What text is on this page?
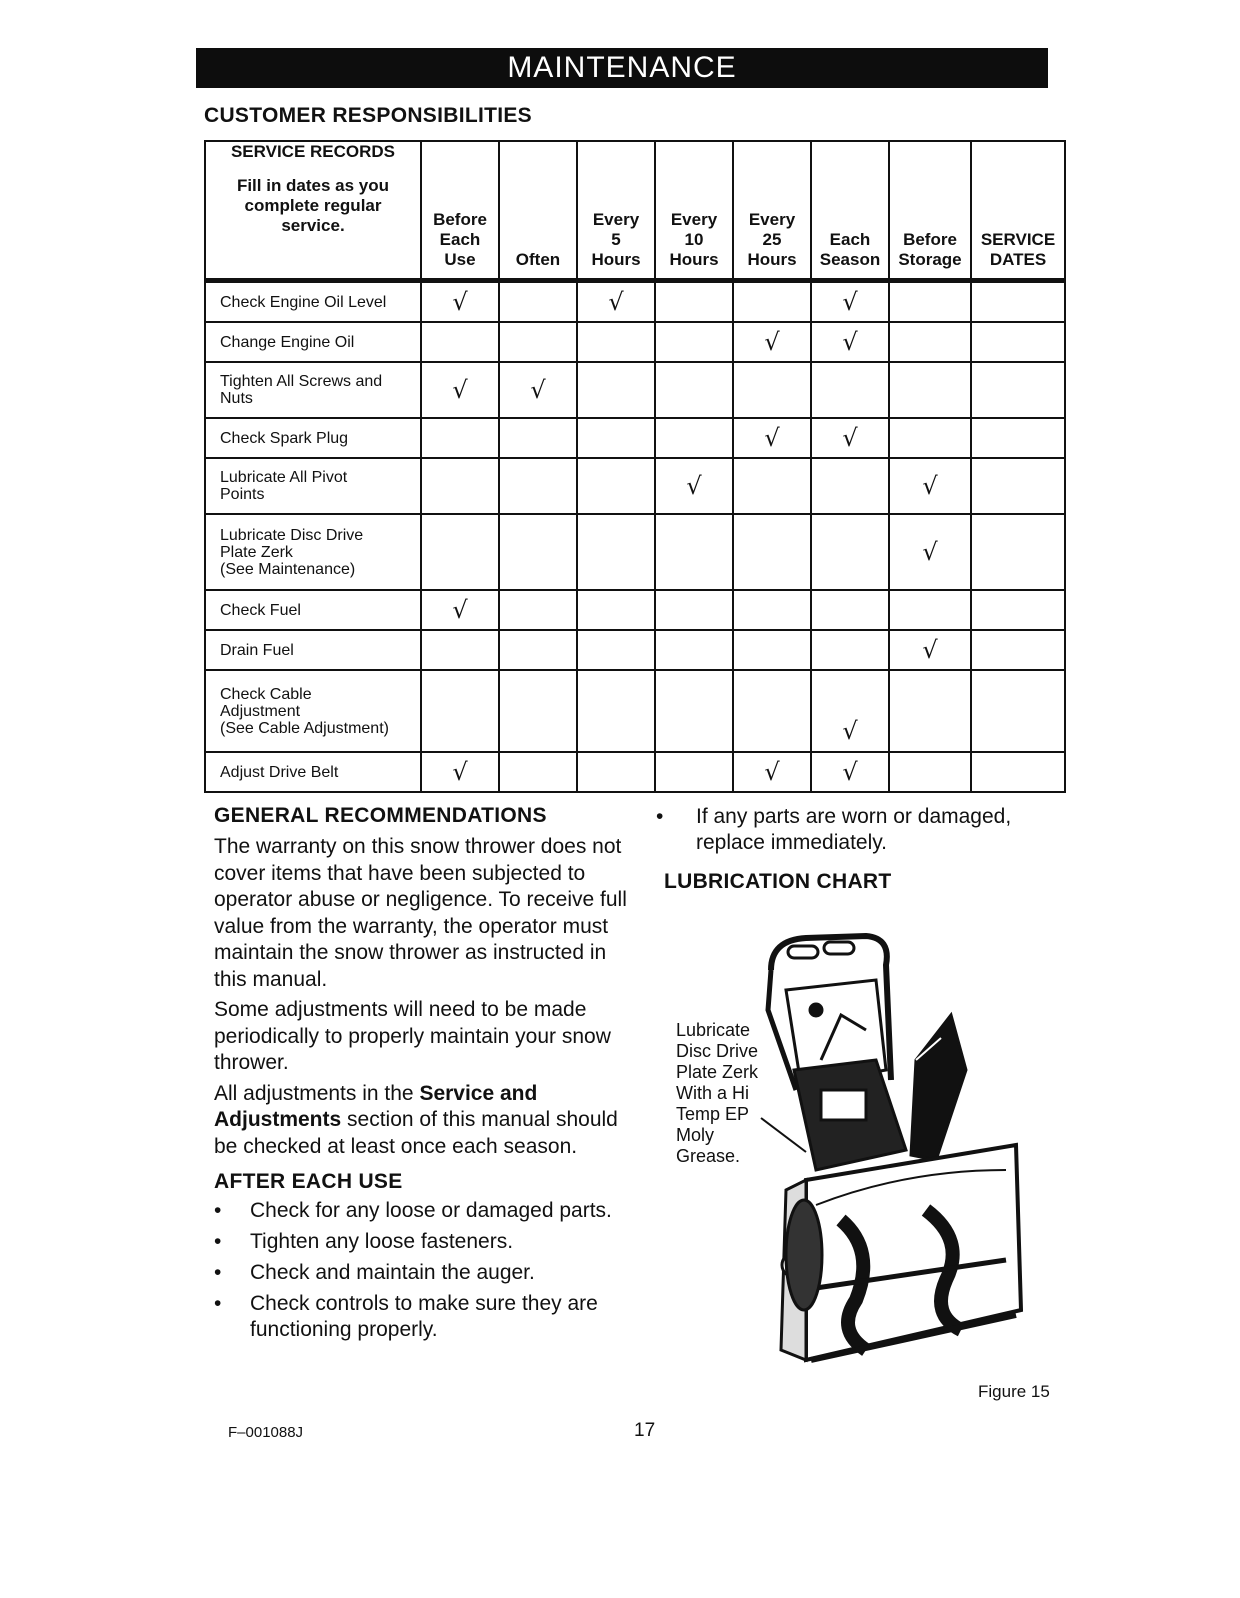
MAINTENANCE
CUSTOMER RESPONSIBILITIES
SERVICE RECORDS
Fill in dates as you
complete regular
service.	Before
Each
Use	Often	Every
5
Hours	Every
10
Hours	Every
25
Hours	Each
Season	Before
Storage	SERVICE
DATES

Check Engine Oil Level	√		√			√		

Change Engine Oil					√	√		

Tighten All Screws and
Nuts	√	√						

Check Spark Plug					√	√		

Lubricate All Pivot
Points				√			√	

Lubricate Disc Drive
Plate Zerk
(See Maintenance)							√	

Check Fuel	√							

Drain Fuel							√	

Check Cable
Adjustment
(See Cable Adjustment)						√		

Adjust Drive Belt	√				√	√		
GENERAL RECOMMENDATIONS

The warranty on this snow thrower does not cover items that have been subjected to operator abuse or negligence. To receive full value from the warranty, the operator must maintain the snow thrower as instructed in this manual.

Some adjustments will need to be made periodically to properly maintain your snow thrower.

All adjustments in the Service and Adjustments section of this manual should be checked at least once each season.

AFTER EACH USE
• Check for any loose or damaged parts.
• Tighten any loose fasteners.
• Check and maintain the auger.
• Check controls to make sure they are functioning properly.
• If any parts are worn or damaged, replace immediately.
LUBRICATION CHART
Lubricate
Disc Drive
Plate Zerk
With a Hi
Temp EP
Moly
Grease.
Figure 15
F–001088J	17
